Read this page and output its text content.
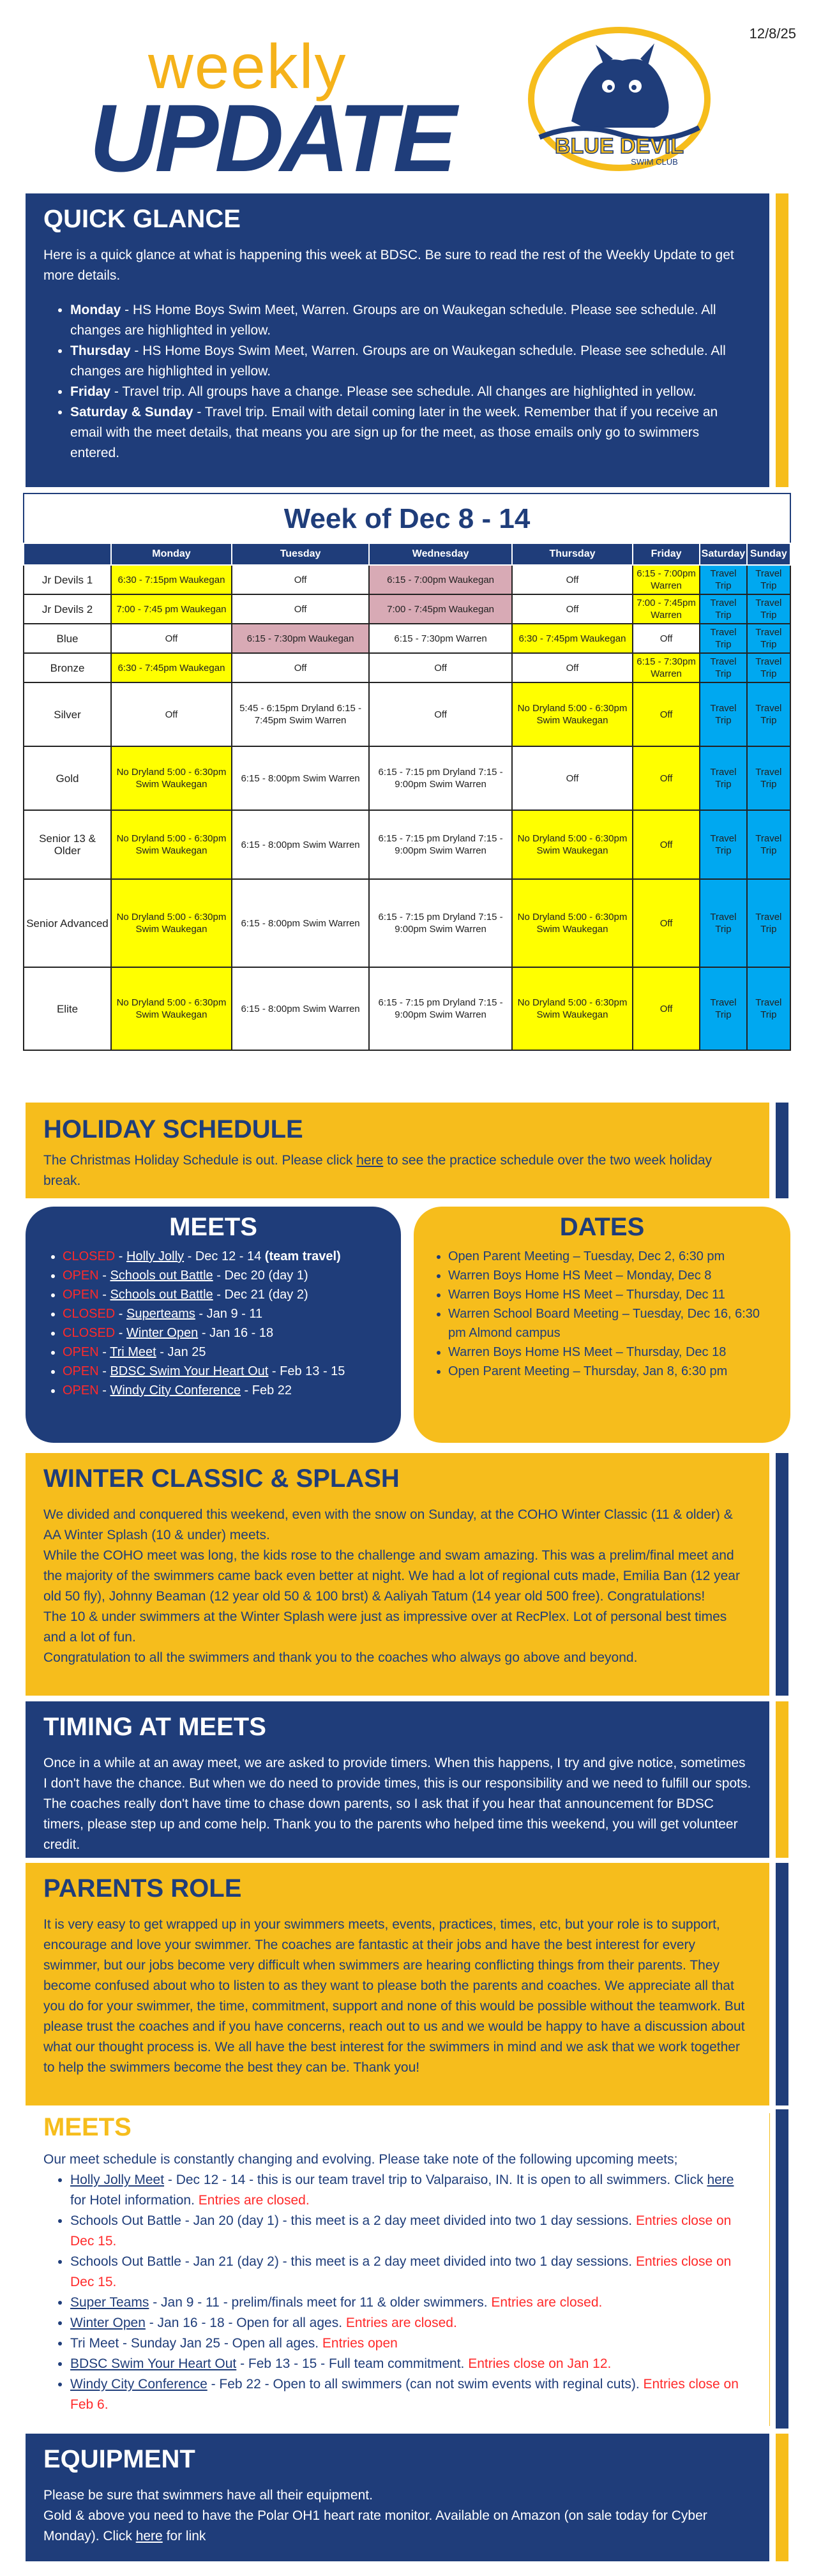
weekly
UPDATE	BLUE DEVIL
SWIM CLUB
12/8/25
QUICK GLANCE

Here is a quick glance at what is happening this week at BDSC. Be sure to read the rest of the Weekly Update to get more details.

• Monday - HS Home Boys Swim Meet, Warren. Groups are on Waukegan schedule. Please see schedule. All changes are highlighted in yellow.
• Thursday - HS Home Boys Swim Meet, Warren. Groups are on Waukegan schedule. Please see schedule. All changes are highlighted in yellow.
• Friday - Travel trip. All groups have a change. Please see schedule. All changes are highlighted in yellow.
• Saturday & Sunday - Travel trip. Email with detail coming later in the week. Remember that if you receive an email with the meet details, that means you are sign up for the meet, as those emails only go to swimmers entered.
Week of Dec 8 - 14
	Monday	Tuesday	Wednesday	Thursday	Friday	Saturday	Sunday
Jr Devils 1	6:30 - 7:15pm Waukegan	Off	6:15 - 7:00pm Waukegan	Off	6:15 - 7:00pm Warren	Travel Trip	Travel Trip
Jr Devils 2	7:00 - 7:45 pm Waukegan	Off	7:00 - 7:45pm Waukegan	Off	7:00 - 7:45pm Warren	Travel Trip	Travel Trip
Blue	Off	6:15 - 7:30pm Waukegan	6:15 - 7:30pm Warren	6:30 - 7:45pm Waukegan	Off	Travel Trip	Travel Trip
Bronze	6:30 - 7:45pm Waukegan	Off	Off	Off	6:15 - 7:30pm Warren	Travel Trip	Travel Trip
Silver	Off	5:45 - 6:15pm Dryland 6:15 - 7:45pm Swim Warren	Off	No Dryland 5:00 - 6:30pm Swim Waukegan	Off	Travel Trip	Travel Trip
Gold	No Dryland 5:00 - 6:30pm Swim Waukegan	6:15 - 8:00pm Swim Warren	6:15 - 7:15 pm Dryland 7:15 - 9:00pm Swim Warren	Off	Off	Travel Trip	Travel Trip
Senior 13 & Older	No Dryland 5:00 - 6:30pm Swim Waukegan	6:15 - 8:00pm Swim Warren	6:15 - 7:15 pm Dryland 7:15 - 9:00pm Swim Warren	No Dryland 5:00 - 6:30pm Swim Waukegan	Off	Travel Trip	Travel Trip
Senior Advanced	No Dryland 5:00 - 6:30pm Swim Waukegan	6:15 - 8:00pm Swim Warren	6:15 - 7:15 pm Dryland 7:15 - 9:00pm Swim Warren	No Dryland 5:00 - 6:30pm Swim Waukegan	Off	Travel Trip	Travel Trip
Elite	No Dryland 5:00 - 6:30pm Swim Waukegan	6:15 - 8:00pm Swim Warren	6:15 - 7:15 pm Dryland 7:15 - 9:00pm Swim Warren	No Dryland 5:00 - 6:30pm Swim Waukegan	Off	Travel Trip	Travel Trip
HOLIDAY SCHEDULE

The Christmas Holiday Schedule is out. Please click here to see the practice schedule over the two week holiday break.

MEETS
• CLOSED - Holly Jolly - Dec 12 - 14 (team travel)
• OPEN - Schools out Battle - Dec 20 (day 1)
• OPEN - Schools out Battle - Dec 21 (day 2)
• CLOSED - Superteams - Jan 9 - 11
• CLOSED - Winter Open - Jan 16 - 18
• OPEN - Tri Meet - Jan 25
• OPEN - BDSC Swim Your Heart Out - Feb 13 - 15
• OPEN - Windy City Conference - Feb 22
DATES
• Open Parent Meeting – Tuesday, Dec 2, 6:30 pm
• Warren Boys Home HS Meet – Monday, Dec 8
• Warren Boys Home HS Meet – Thursday, Dec 11
• Warren School Board Meeting – Tuesday, Dec 16, 6:30 pm Almond campus
• Warren Boys Home HS Meet – Thursday, Dec 18
• Open Parent Meeting – Thursday, Jan 8, 6:30 pm
WINTER CLASSIC & SPLASH

We divided and conquered this weekend, even with the snow on Sunday, at the COHO Winter Classic (11 & older) & AA Winter Splash (10 & under) meets.

While the COHO meet was long, the kids rose to the challenge and swam amazing. This was a prelim/final meet and the majority of the swimmers came back even better at night. We had a lot of regional cuts made, Emilia Ban (12 year old 50 fly), Johnny Beaman (12 year old 50 & 100 brst) & Aaliyah Tatum (14 year old 500 free). Congratulations!

The 10 & under swimmers at the Winter Splash were just as impressive over at RecPlex. Lot of personal best times and a lot of fun.

Congratulation to all the swimmers and thank you to the coaches who always go above and beyond.

TIMING AT MEETS

Once in a while at an away meet, we are asked to provide timers. When this happens, I try and give notice, sometimes I don't have the chance. But when we do need to provide times, this is our responsibility and we need to fulfill our spots. The coaches really don't have time to chase down parents, so I ask that if you hear that announcement for BDSC timers, please step up and come help. Thank you to the parents who helped time this weekend, you will get volunteer credit.

PARENTS ROLE

It is very easy to get wrapped up in your swimmers meets, events, practices, times, etc, but your role is to support, encourage and love your swimmer. The coaches are fantastic at their jobs and have the best interest for every swimmer, but our jobs become very difficult when swimmers are hearing conflicting things from their parents. They become confused about who to listen to as they want to please both the parents and coaches. We appreciate all that you do for your swimmer, the time, commitment, support and none of this would be possible without the teamwork. But please trust the coaches and if you have concerns, reach out to us and we would be happy to have a discussion about what our thought process is. We all have the best interest for the swimmers in mind and we ask that we work together to help the swimmers become the best they can be. Thank you!

MEETS

Our meet schedule is constantly changing and evolving. Please take note of the following upcoming meets;

• Holly Jolly Meet - Dec 12 - 14 - this is our team travel trip to Valparaiso, IN. It is open to all swimmers. Click here for Hotel information. Entries are closed.
• Schools Out Battle - Jan 20 (day 1) - this meet is a 2 day meet divided into two 1 day sessions. Entries close on Dec 15.
• Schools Out Battle - Jan 21 (day 2) - this meet is a 2 day meet divided into two 1 day sessions. Entries close on Dec 15.
• Super Teams - Jan 9 - 11 - prelim/finals meet for 11 & older swimmers. Entries are closed.
• Winter Open - Jan 16 - 18 - Open for all ages. Entries are closed.
• Tri Meet - Sunday Jan 25 - Open all ages. Entries open
• BDSC Swim Your Heart Out - Feb 13 - 15 - Full team commitment. Entries close on Jan 12.
• Windy City Conference - Feb 22 - Open to all swimmers (can not swim events with reginal cuts). Entries close on Feb 6.
EQUIPMENT

Please be sure that swimmers have all their equipment.

Gold & above you need to have the Polar OH1 heart rate monitor. Available on Amazon (on sale today for Cyber Monday). Click here for link
